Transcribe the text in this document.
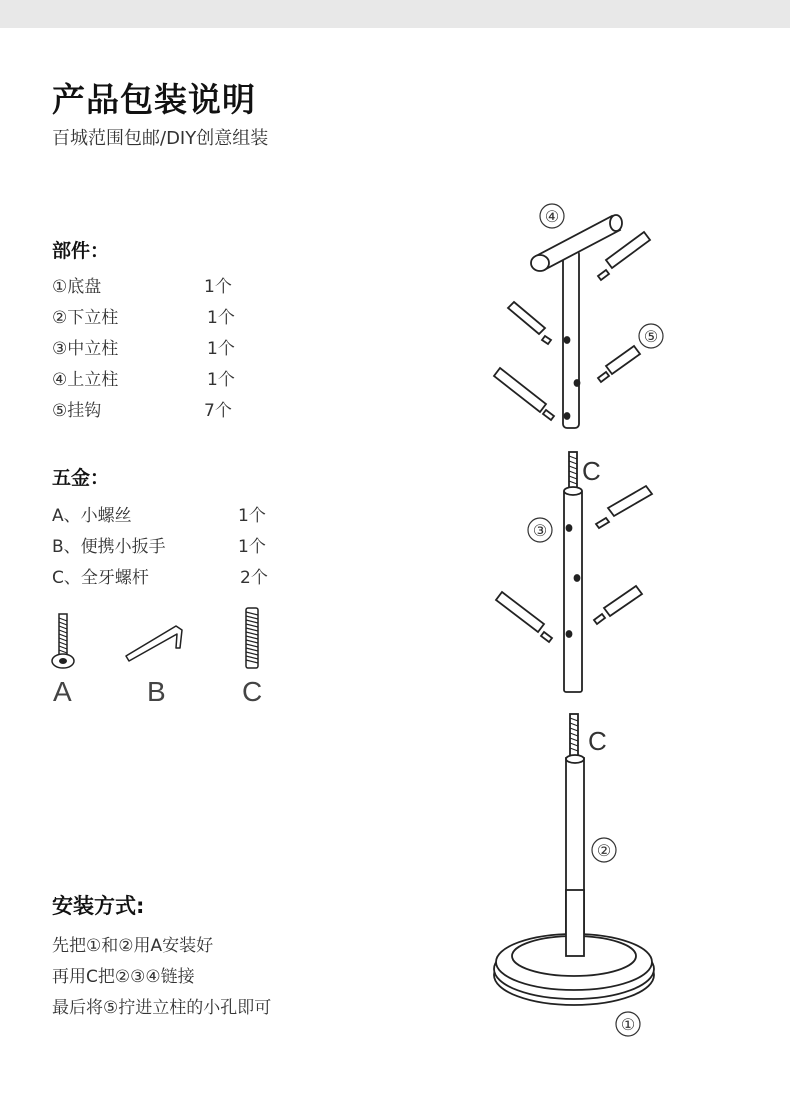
产品包装说明
百城范围包邮/DIY创意组装
部件：
①底盘	1个
②下立柱	1个
③中立柱	1个
④上立柱	1个
⑤挂钩	7个
五金：
A、小螺丝	1个
B、便携小扳手	1个
C、全牙螺杆	2个
A	B	C
安装方式:
先把①和②用A安装好
再用C把②③④链接
最后将⑤拧进立柱的小孔即可
④
⑤
③
②
①
C
C
